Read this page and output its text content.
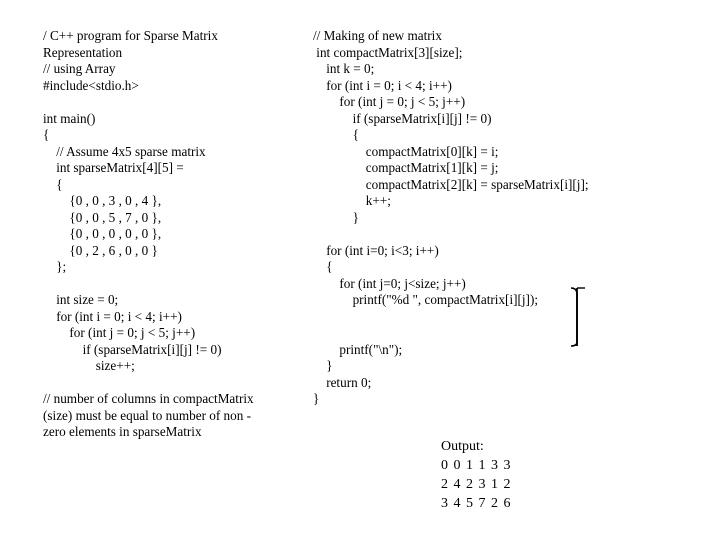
/ C++ program for Sparse Matrix
Representation
// using Array
#include<stdio.h>
int main()
{
// Assume 4x5 sparse matrix
int sparseMatrix[4][5] =
{
{0 , 0 , 3 , 0 , 4 },
{0 , 0 , 5 , 7 , 0 },
{0 , 0 , 0 , 0 , 0 },
{0 , 2 , 6 , 0 , 0 }
};
int size = 0;
for (int i = 0; i < 4; i++)
for (int j = 0; j < 5; j++)
if (sparseMatrix[i][j] != 0)
size++;
// number of columns in compactMatrix
(size) must be equal to number of non -
zero elements in sparseMatrix
// Making of new matrix
int compactMatrix[3][size];
int k = 0;
for (int i = 0; i < 4; i++)
for (int j = 0; j < 5; j++)
if (sparseMatrix[i][j] != 0)
{
compactMatrix[0][k] = i;
compactMatrix[1][k] = j;
compactMatrix[2][k] = sparseMatrix[i][j];
k++;
}
for (int i=0; i<3; i++)
{
for (int j=0; j<size; j++)
printf("%d ", compactMatrix[i][j]);
printf("\n");
}
return 0;
}
Output:
0 0 1 1 3 3
2 4 2 3 1 2
3 4 5 7 2 6
